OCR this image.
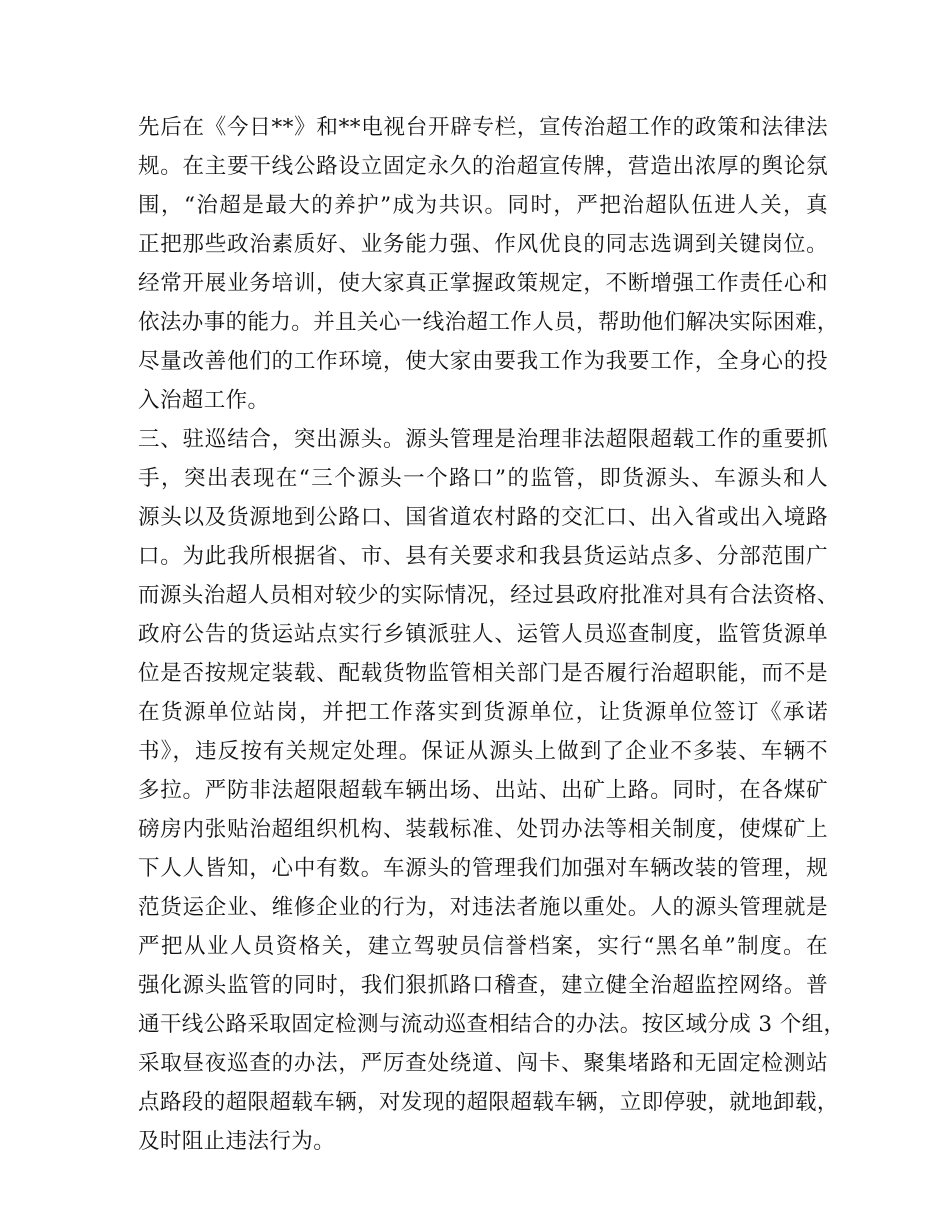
先后在《今日**》和**电视台开辟专栏，宣传治超工作的政策和法律法
规。在主要干线公路设立固定永久的治超宣传牌，营造出浓厚的舆论氛
围，“治超是最大的养护”成为共识。同时，严把治超队伍进人关，真
正把那些政治素质好、业务能力强、作风优良的同志选调到关键岗位。
经常开展业务培训，使大家真正掌握政策规定，不断增强工作责任心和
依法办事的能力。并且关心一线治超工作人员，帮助他们解决实际困难，
尽量改善他们的工作环境，使大家由要我工作为我要工作，全身心的投
入治超工作。
三、驻巡结合，突出源头。源头管理是治理非法超限超载工作的重要抓
手，突出表现在“三个源头一个路口”的监管，即货源头、车源头和人
源头以及货源地到公路口、国省道农村路的交汇口、出入省或出入境路
口。为此我所根据省、市、县有关要求和我县货运站点多、分部范围广
而源头治超人员相对较少的实际情况，经过县政府批准对具有合法资格、
政府公告的货运站点实行乡镇派驻人、运管人员巡查制度，监管货源单
位是否按规定装载、配载货物监管相关部门是否履行治超职能，而不是
在货源单位站岗，并把工作落实到货源单位，让货源单位签订《承诺
书》，违反按有关规定处理。保证从源头上做到了企业不多装、车辆不
多拉。严防非法超限超载车辆出场、出站、出矿上路。同时，在各煤矿
磅房内张贴治超组织机构、装载标准、处罚办法等相关制度，使煤矿上
下人人皆知，心中有数。车源头的管理我们加强对车辆改装的管理，规
范货运企业、维修企业的行为，对违法者施以重处。人的源头管理就是
严把从业人员资格关，建立驾驶员信誉档案，实行“黑名单”制度。在
强化源头监管的同时，我们狠抓路口稽查，建立健全治超监控网络。普
通干线公路采取固定检测与流动巡查相结合的办法。按区域分成 3 个组，
采取昼夜巡查的办法，严厉查处绕道、闯卡、聚集堵路和无固定检测站
点路段的超限超载车辆，对发现的超限超载车辆，立即停驶，就地卸载，
及时阻止违法行为。
